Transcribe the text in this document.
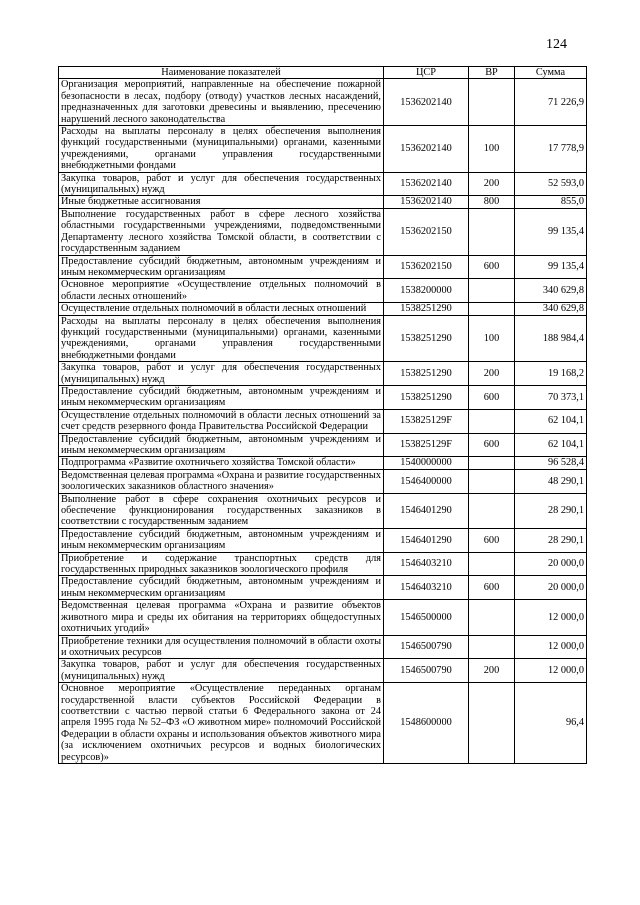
124
Наименование показателей	ЦСР	ВР	Сумма
Организация мероприятий, направленные на обеспечение пожарной безопасности в лесах, подбору (отводу) участков лесных насаждений, предназначенных для заготовки древесины и выявлению, пресечению нарушений лесного законодательства	1536202140		71 226,9
Расходы на выплаты персоналу в целях обеспечения выполнения функций государственными (муниципальными) органами, казенными учреждениями, органами управления государственными внебюджетными фондами	1536202140	100	17 778,9
Закупка товаров, работ и услуг для обеспечения государственных (муниципальных) нужд	1536202140	200	52 593,0
Иные бюджетные ассигнования	1536202140	800	855,0
Выполнение государственных работ в сфере лесного хозяйства областными государственными учреждениями, подведомственными Департаменту лесного хозяйства Томской области, в соответствии с государственным заданием	1536202150		99 135,4
Предоставление субсидий бюджетным, автономным учреждениям и иным некоммерческим организациям	1536202150	600	99 135,4
Основное мероприятие «Осуществление отдельных полномочий в области лесных отношений»	1538200000		340 629,8
Осуществление отдельных полномочий в области лесных отношений	1538251290		340 629,8
Расходы на выплаты персоналу в целях обеспечения выполнения функций государственными (муниципальными) органами, казенными учреждениями, органами управления государственными внебюджетными фондами	1538251290	100	188 984,4
Закупка товаров, работ и услуг для обеспечения государственных (муниципальных) нужд	1538251290	200	19 168,2
Предоставление субсидий бюджетным, автономным учреждениям и иным некоммерческим организациям	1538251290	600	70 373,1
Осуществление отдельных полномочий в области лесных отношений за счет средств резервного фонда Правительства Российской Федерации	153825129F		62 104,1
Предоставление субсидий бюджетным, автономным учреждениям и иным некоммерческим организациям	153825129F	600	62 104,1
Подпрограмма «Развитие охотничьего хозяйства Томской области»	1540000000		96 528,4
Ведомственная целевая программа «Охрана и развитие государственных зоологических заказников областного значения»	1546400000		48 290,1
Выполнение работ в сфере сохранения охотничьих ресурсов и обеспечение функционирования государственных заказников в соответствии с государственным заданием	1546401290		28 290,1
Предоставление субсидий бюджетным, автономным учреждениям и иным некоммерческим организациям	1546401290	600	28 290,1
Приобретение и содержание транспортных средств для государственных природных заказников зоологического профиля	1546403210		20 000,0
Предоставление субсидий бюджетным, автономным учреждениям и иным некоммерческим организациям	1546403210	600	20 000,0
Ведомственная целевая программа «Охрана и развитие объектов животного мира и среды их обитания на территориях общедоступных охотничьих угодий»	1546500000		12 000,0
Приобретение техники для осуществления полномочий в области охоты и охотничьих ресурсов	1546500790		12 000,0
Закупка товаров, работ и услуг для обеспечения государственных (муниципальных) нужд	1546500790	200	12 000,0
Основное мероприятие «Осуществление переданных органам государственной власти субъектов Российской Федерации в соответствии с частью первой статьи 6 Федерального закона от 24 апреля 1995 года № 52–ФЗ «О животном мире» полномочий Российской Федерации в области охраны и использования объектов животного мира (за исключением охотничьих ресурсов и водных биологических ресурсов)»	1548600000		96,4
